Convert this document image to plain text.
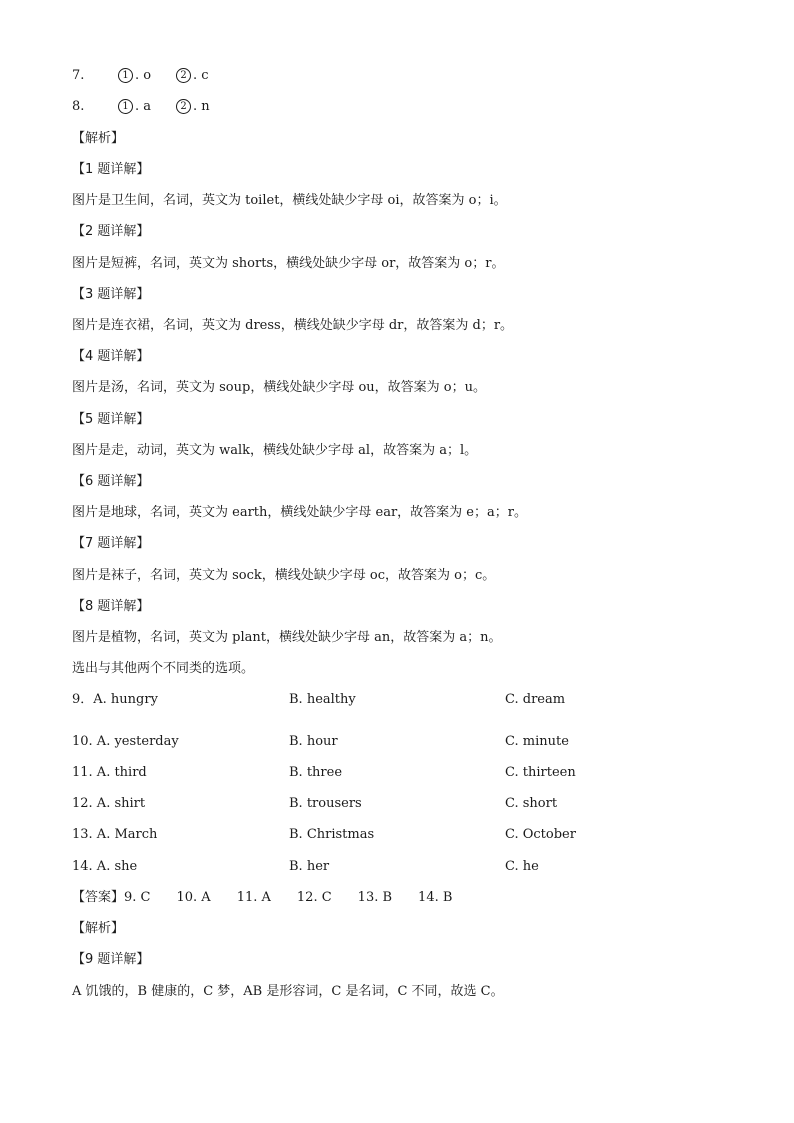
7.	1 . o	2 . c
8.	1 . a	2 . n
【解析】
【1 题详解】
图片是卫生间，名词，英文为 toilet，横线处缺少字母 oi，故答案为 o；i。
【2 题详解】
图片是短裤，名词，英文为 shorts，横线处缺少字母 or，故答案为 o；r。
【3 题详解】
图片是连衣裙，名词，英文为 dress，横线处缺少字母 dr，故答案为 d；r。
【4 题详解】
图片是汤，名词，英文为 soup，横线处缺少字母 ou，故答案为 o；u。
【5 题详解】
图片是走，动词，英文为 walk，横线处缺少字母 al，故答案为 a；l。
【6 题详解】
图片是地球，名词，英文为 earth，横线处缺少字母 ear，故答案为 e；a；r。
【7 题详解】
图片是袜子，名词，英文为 sock，横线处缺少字母 oc，故答案为 o；c。
【8 题详解】
图片是植物，名词，英文为 plant，横线处缺少字母 an，故答案为 a；n。
选出与其他两个不同类的选项。
9．A. hungry	B. healthy	C. dream
10. A. yesterday	B. hour	C. minute
11. A. third	B. three	C. thirteen
12. A. shirt	B. trousers	C. short
13. A. March	B. Christmas	C. October
14. A. she	B. her	C. he
【答案】9. C 10. A 11. A 12. C 13. B 14. B
【解析】
【9 题详解】
A 饥饿的，B 健康的，C 梦，AB 是形容词，C 是名词，C 不同，故选 C。
